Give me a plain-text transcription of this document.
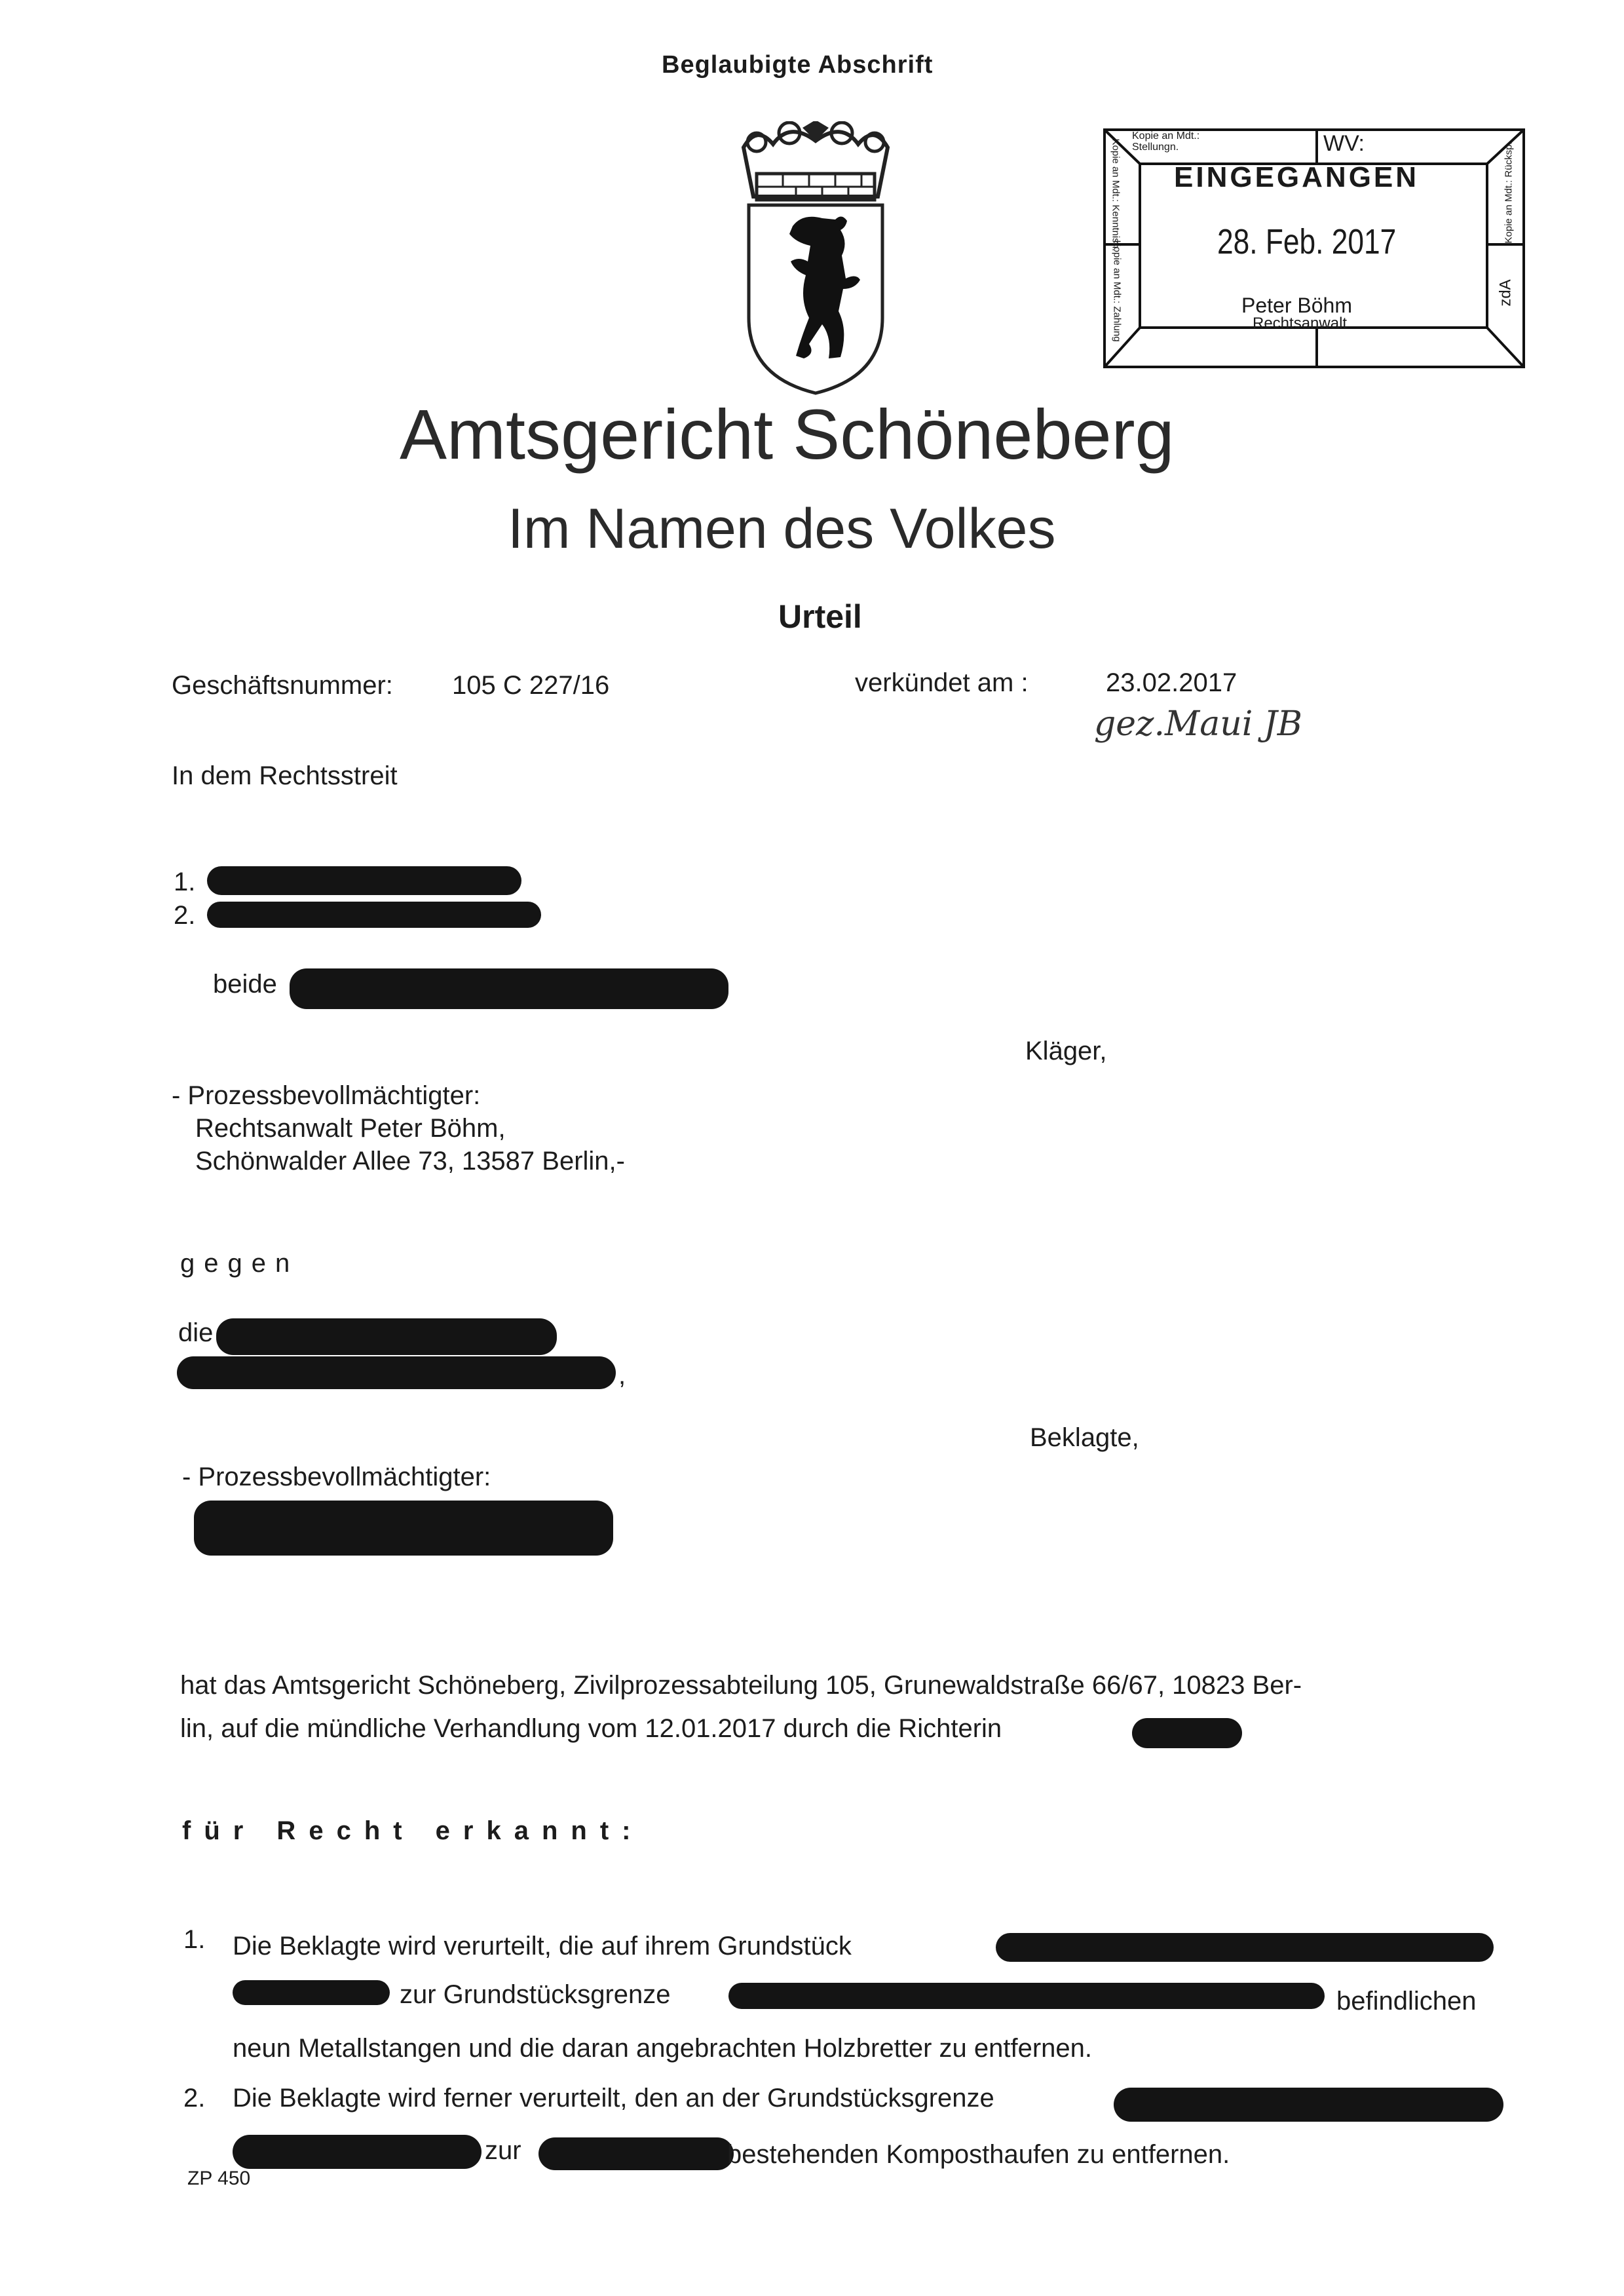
Beglaubigte Abschrift
Kopie an Mdt.:
Stellungn.	WV:
EINGEGANGEN
28. Feb. 2017
Peter Böhm
Rechtsanwalt
Kopie an Mdt.: Kenntnisn.
Kopie an Mdt.: Zahlung
Kopie an Mdt.: Rücksp.
zdA
Amtsgericht Schöneberg
Im Namen des Volkes
Urteil
Geschäftsnummer: 105 C 227/16	verkündet am :	23.02.2017
gez.Maui JB
In dem Rechtsstreit
1.
2.
beide
Kläger,
- Prozessbevollmächtigter:
Rechtsanwalt Peter Böhm,
Schönwalder Allee 73, 13587 Berlin,-
gegen
die
,
Beklagte,
- Prozessbevollmächtigter:
hat das Amtsgericht Schöneberg, Zivilprozessabteilung 105, Grunewaldstraße 66/67, 10823 Ber-
lin, auf die mündliche Verhandlung vom 12.01.2017 durch die Richterin
für Recht erkannt:
1. Die Beklagte wird verurteilt, die auf ihrem Grundstück
zur Grundstücksgrenze	befindlichen
neun Metallstangen und die daran angebrachten Holzbretter zu entfernen.
2. Die Beklagte wird ferner verurteilt, den an der Grundstücksgrenze
zur	bestehenden Komposthaufen zu entfernen.
ZP 450
